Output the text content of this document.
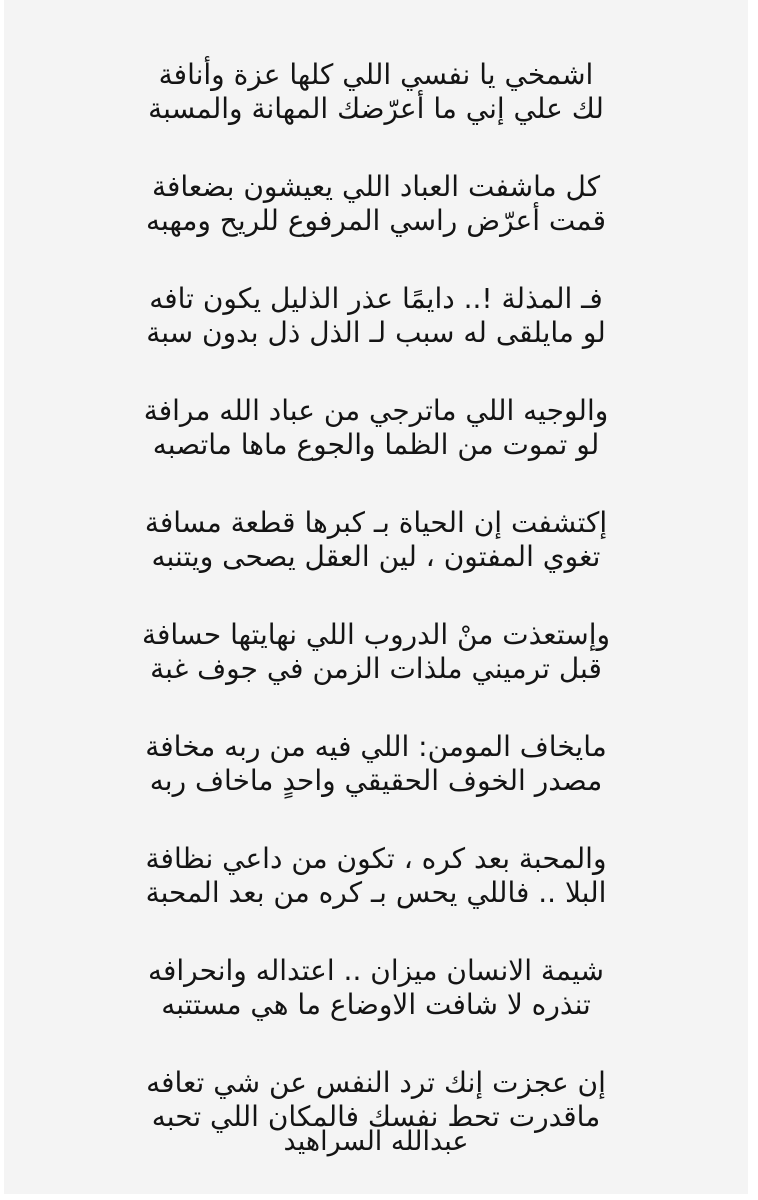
اشمخي يا نفسي اللي كلها عزة وأنافة
لك علي إني ما أعرّضك المهانة والمسبة
كل ماشفت العباد اللي يعيشون بضعافة
قمت أعرّض راسي المرفوع للريح ومهبه
فـ المذلة !.. دايمًا عذر الذليل يكون تافه
لو مايلقى له سبب لـ الذل ذل بدون سبة
والوجيه اللي ماترجي من عباد الله مرافة
لو تموت من الظما والجوع ماها ماتصبه
إكتشفت إن الحياة بـ كبرها قطعة مسافة
تغوي المفتون ، لين العقل يصحى ويتنبه
وإستعذت منْ الدروب اللي نهايتها حسافة
قبل ترميني ملذات الزمن في جوف غبة
مايخاف المومن: اللي فيه من ربه مخافة
مصدر الخوف الحقيقي واحدٍ ماخاف ربه
والمحبة بعد كره ، تكون من داعي نظافة
البلا .. فاللي يحس بـ كره من بعد المحبة
شيمة الانسان ميزان .. اعتداله وانحرافه
تنذره لا شافت الاوضاع ما هي مستتبه
إن عجزت إنك ترد النفس عن شي تعافه
ماقدرت تحط نفسك فالمكان اللي تحبه
عبدالله السراهيد
